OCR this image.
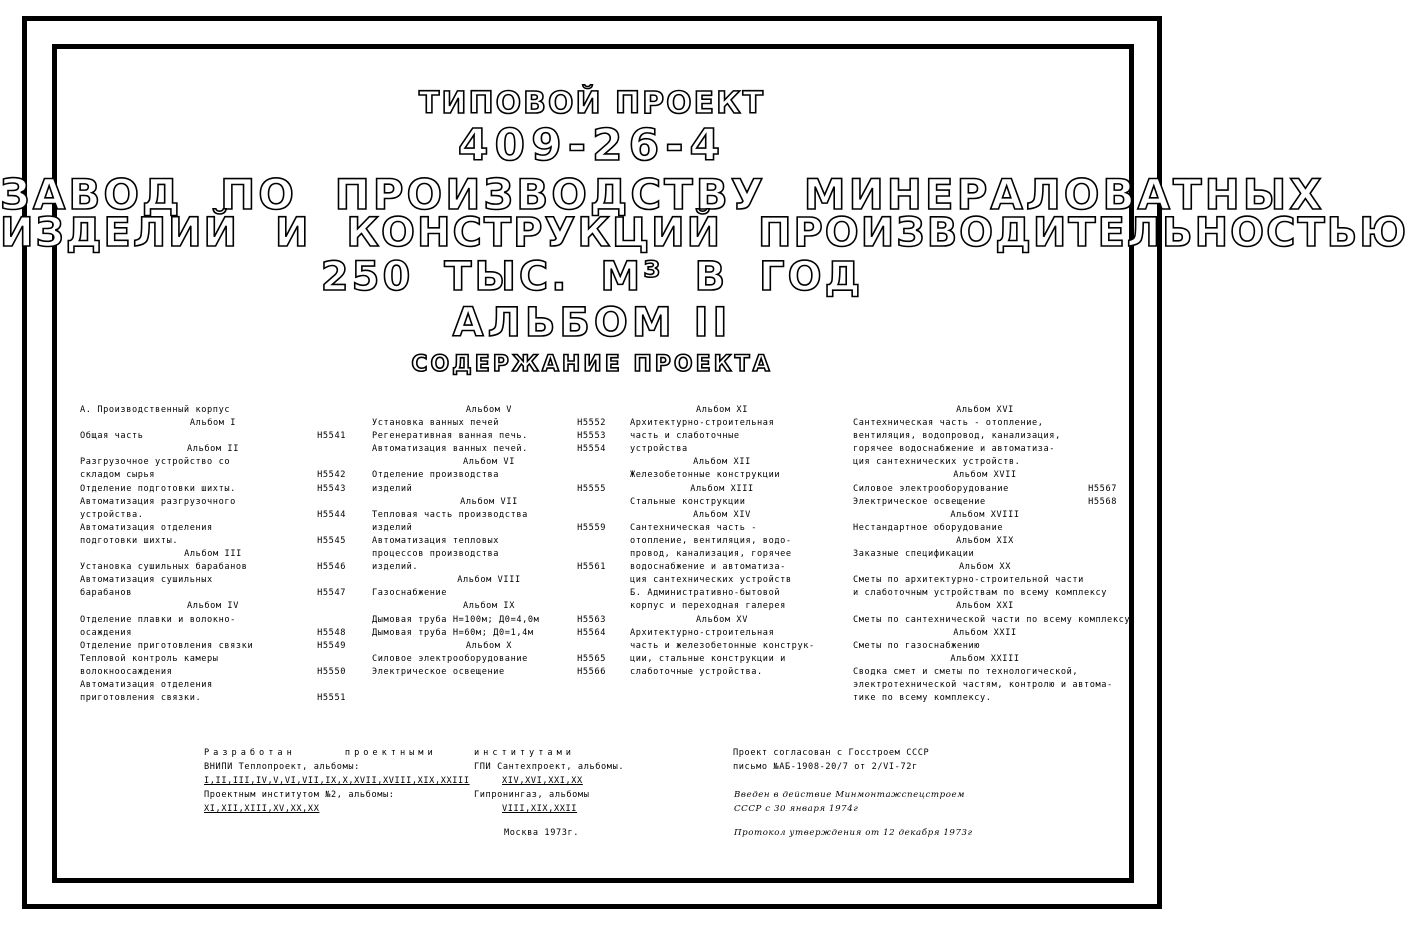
ТИПОВОЙ ПРОЕКТ
409-26-4
ЗАВОД ПО ПРОИЗВОДСТВУ МИНЕРАЛОВАТНЫХ
ИЗДЕЛИЙ И КОНСТРУКЦИЙ ПРОИЗВОДИТЕЛЬНОСТЬЮ
250 ТЫС. М³ В ГОД
АЛЬБОМ II
СОДЕРЖАНИЕ ПРОЕКТА
А. Производственный корпус
Альбом I
Общая часть	Н5541
Альбом II
Разгрузочное устройство со
складом сырья	Н5542
Отделение подготовки шихты.	Н5543
Автоматизация разгрузочного
устройства.	Н5544
Автоматизация отделения
подготовки шихты.	Н5545
Альбом III
Установка сушильных барабанов	Н5546
Автоматизация сушильных
барабанов	Н5547
Альбом IV
Отделение плавки и волокно-
осаждения	Н5548
Отделение приготовления связки	Н5549
Тепловой контроль камеры
волокноосаждения	Н5550
Автоматизация отделения
приготовления связки.	Н5551
Альбом V
Установка ванных печей	Н5552
Регенеративная ванная печь.	Н5553
Автоматизация ванных печей.	Н5554
Альбом VI
Отделение производства
изделий	Н5555
Альбом VII
Тепловая часть производства
изделий	Н5559
Автоматизация тепловых
процессов производства
изделий.	Н5561
Альбом VIII
Газоснабжение
Альбом IX
Дымовая труба Н=100м; Д0=4,0м	Н5563
Дымовая труба Н=60м; Д0=1,4м	Н5564
Альбом X
Силовое электрооборудование	Н5565
Электрическое освещение	Н5566
Альбом XI
Архитектурно-строительная
часть и слаботочные
устройства
Альбом XII
Железобетонные конструкции
Альбом XIII
Стальные конструкции
Альбом XIV
Сантехническая часть -
отопление, вентиляция, водо-
провод, канализация, горячее
водоснабжение и автоматиза-
ция сантехнических устройств
Б. Административно-бытовой
корпус и переходная галерея
Альбом XV
Архитектурно-строительная
часть и железобетонные конструк-
ции, стальные конструкции и
слаботочные устройства.
Альбом XVI
Сантехническая часть - отопление,
вентиляция, водопровод, канализация,
горячее водоснабжение и автоматиза-
ция сантехнических устройств.
Альбом XVII
Силовое электрооборудование	Н5567
Электрическое освещение	Н5568
Альбом XVIII
Нестандартное оборудование
Альбом XIX
Заказные спецификации
Альбом XX
Сметы по архитектурно-строительной части
и слаботочным устройствам по всему комплексу
Альбом XXI
Сметы по сантехнической части по всему комплексу
Альбом XXII
Сметы по газоснабжению
Альбом XXIII
Сводка смет и сметы по технологической,
электротехнической частям, контролю и автома-
тике по всему комплексу.
Разработан проектными
ВНИПИ Теплопроект, альбомы:
I,II,III,IV,V,VI,VII,IX,X,XVII,XVIII,XIX,XXIII
Проектным институтом №2, альбомы:
XI,XII,XIII,XV,XX,XX
институтами
ГПИ Сантехпроект, альбомы.
XIV,XVI,XXI,XX
Гипронингаз, альбомы
VIII,XIX,XXII
Проект согласован с Госстроем СССР
письмо №АБ-1908-20/7 от 2/VI-72г
Введен в действие Минмонтажспецстроем
СССР с 30 января 1974г
Протокол утверждения от 12 декабря 1973г
Москва 1973г.
